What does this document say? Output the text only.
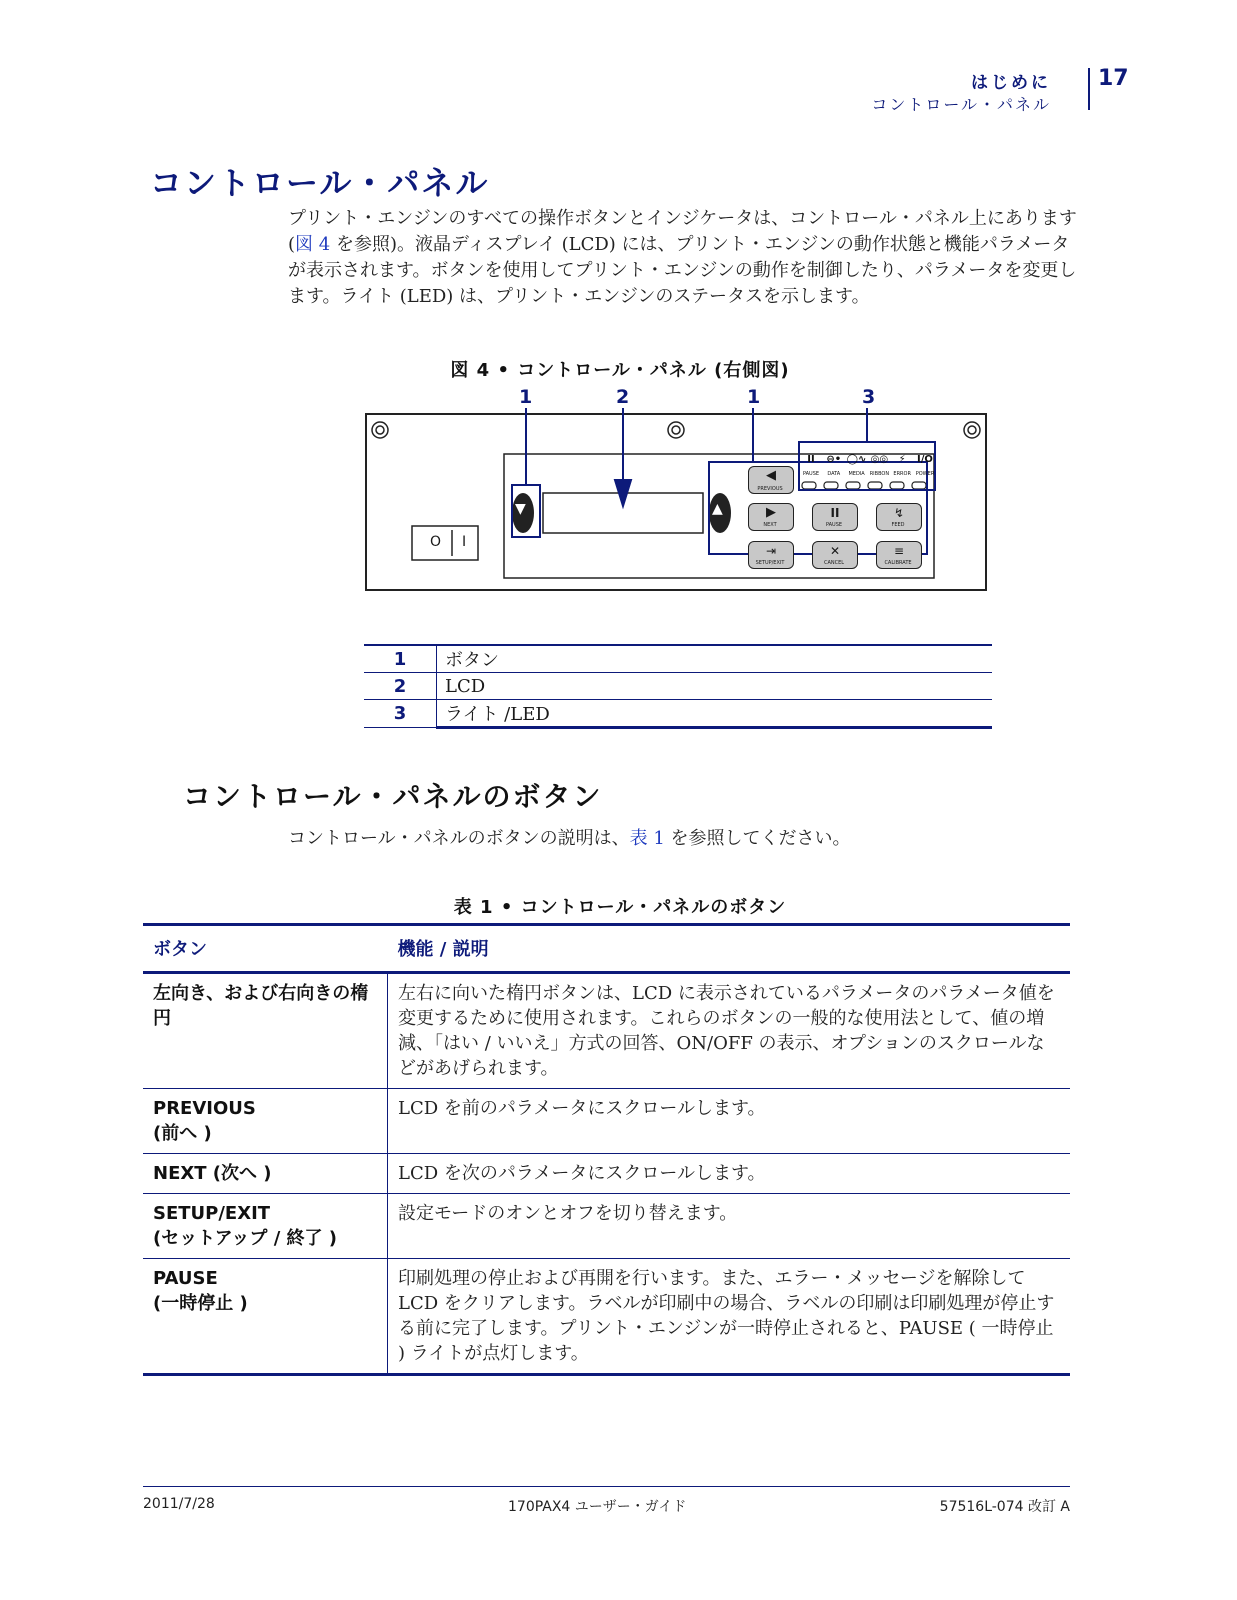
はじめに
コントロール・パネル
17
コントロール・パネル
プリント・エンジンのすべての操作ボタンとインジケータは、コントロール・パネル上にあります (図 4 を参照)。液晶ディスプレイ (LCD) には、プリント・エンジンの動作状態と機能パラメータが表示されます。ボタンを使用してプリント・エンジンの動作を制御したり、パラメータを変更します。ライト (LED) は、プリント・エンジンのステータスを示します。
図 4 • コントロール・パネル (右側図)
1	2	1	3
▼	▲
O I
II	⊖• ◯∿ ◎◎	⚡	I/O
PAUSE	DATA	MEDIA RIBBON ERROR POWER
◀
PREVIOUS
▶
NEXT
II
PAUSE
↯
FEED
⇥
SETUP/EXIT
✕
CANCEL
≡
CALIBRATE
1	ボタン
2	LCD
3	ライト /LED
コントロール・パネルのボタン
コントロール・パネルのボタンの説明は、表 1 を参照してください。
表 1 • コントロール・パネルのボタン
ボタン	機能 / 説明

左向き、および右向きの楕円	左右に向いた楕円ボタンは、LCD に表示されているパラメータのパラメータ値を変更するために使用されます。これらのボタンの一般的な使用法として、値の増減、「はい / いいえ」方式の回答、ON/OFF の表示、オプションのスクロールなどがあげられます。

PREVIOUS
(前へ )	LCD を前のパラメータにスクロールします。

NEXT (次へ )	LCD を次のパラメータにスクロールします。

SETUP/EXIT
(セットアップ / 終了 )	設定モードのオンとオフを切り替えます。

PAUSE
(一時停止 )	印刷処理の停止および再開を行います。また、エラー・メッセージを解除して LCD をクリアします。ラベルが印刷中の場合、ラベルの印刷は印刷処理が停止する前に完了します。プリント・エンジンが一時停止されると、PAUSE ( 一時停止 ) ライトが点灯します。
2011/7/28	170PAX4 ユーザー・ガイド	57516L-074 改訂 A
